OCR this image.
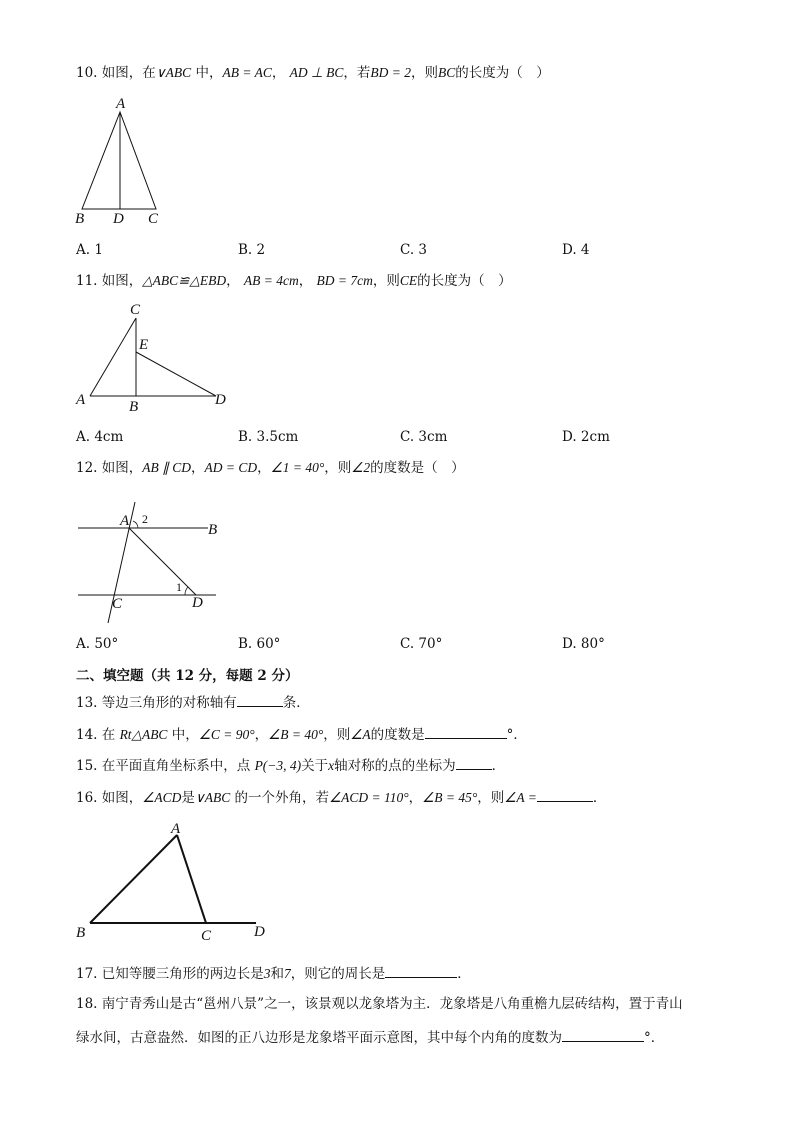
10. 如图，在∨ABC 中，AB = AC， AD ⊥ BC，若BD = 2，则BC的长度为（　）
A
B D C
A. 1	B. 2	C. 3	D. 4
11. 如图，△ABC≌△EBD， AB = 4cm， BD = 7cm，则CE的长度为（　）
C
E
A	B	D
A. 4cm	B. 3.5cm	C. 3cm	D. 2cm
12. 如图，AB ∥ CD，AD = CD，∠1 = 40°，则∠2的度数是（　）
A 2
B
1
C	D
A. 50°	B. 60°	C. 70°	D. 80°
二、填空题（共 12 分，每题 2 分）
13. 等边三角形的对称轴有	条．
14. 在 Rt△ABC 中，∠C = 90°，∠B = 40°，则∠A的度数是	°．
15. 在平面直角坐标系中，点 P(−3, 4)关于x轴对称的点的坐标为	．
16. 如图，∠ACD是∨ABC 的一个外角，若∠ACD = 110°，∠B = 45°，则∠A =	．
A
B	C	D
17. 已知等腰三角形的两边长是3和7，则它的周长是	．
18. 南宁青秀山是古“邕州八景”之一，该景观以龙象塔为主．龙象塔是八角重檐九层砖结构，置于青山
绿水间，古意盎然．如图的正八边形是龙象塔平面示意图，其中每个内角的度数为	°．
